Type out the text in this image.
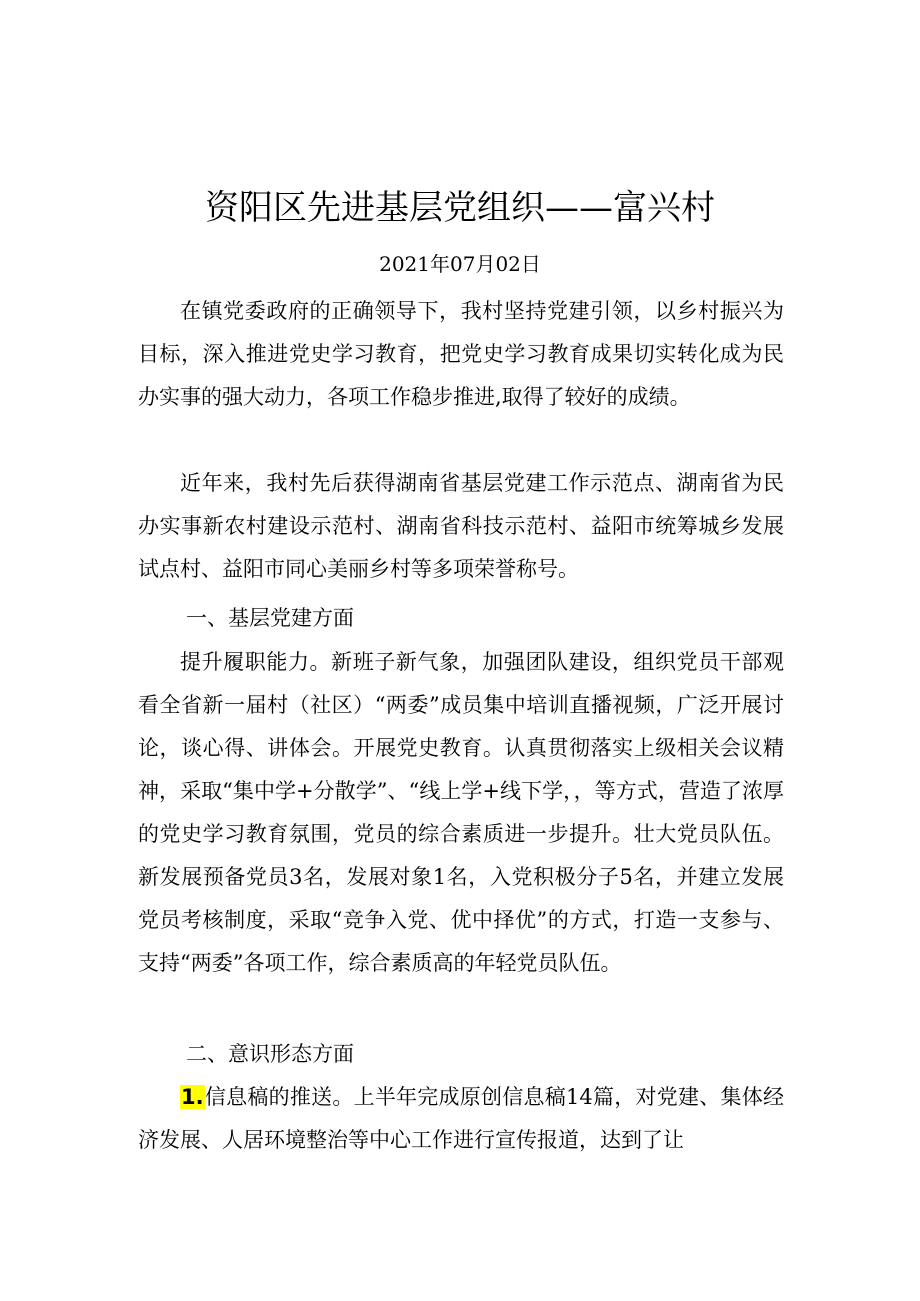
资阳区先进基层党组织——富兴村
2021年07月02日

在镇党委政府的正确领导下，我村坚持党建引领，以乡村振兴为目标，深入推进党史学习教育，把党史学习教育成果切实转化成为民办实事的强大动力，各项工作稳步推进,取得了较好的成绩。

近年来，我村先后获得湖南省基层党建工作示范点、湖南省为民办实事新农村建设示范村、湖南省科技示范村、益阳市统筹城乡发展试点村、益阳市同心美丽乡村等多项荣誉称号。

一、基层党建方面

提升履职能力。新班子新气象，加强团队建设，组织党员干部观看全省新一届村（社区）“两委”成员集中培训直播视频，广泛开展讨论，谈心得、讲体会。开展党史教育。认真贯彻落实上级相关会议精神，采取“集中学+分散学”、“线上学+线下学，，等方式，营造了浓厚的党史学习教育氛围，党员的综合素质进一步提升。壮大党员队伍。新发展预备党员3名，发展对象1名，入党积极分子5名，并建立发展党员考核制度，采取“竞争入党、优中择优”的方式，打造一支参与、支持“两委”各项工作，综合素质高的年轻党员队伍。

二、意识形态方面

1.信息稿的推送。上半年完成原创信息稿14篇，对党建、集体经济发展、人居环境整治等中心工作进行宣传报道，达到了让
